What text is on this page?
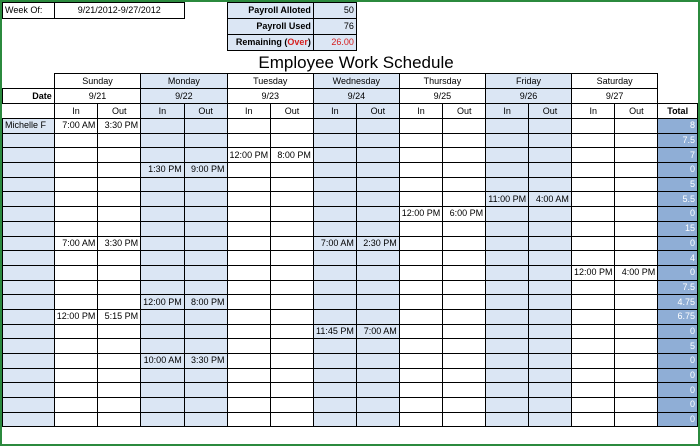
Week Of:	9/21/2012-9/27/2012				Payroll Alloted		50								
					Payroll Used		76								
					Remaining (Over)		26.00								
	Employee Work Schedule														
	Sunday		Monday		Tuesday		Wednesday		Thursday		Friday		Saturday		
Date	9/21		9/22		9/23		9/24		9/25		9/26		9/27		
	In	Out	In	Out	In	Out	In	Out	In	Out	In	Out	In	Out	Total
Michelle F	7:00 AM	3:30 PM													8
															7.5
					12:00 PM	8:00 PM									7
			1:30 PM	9:00 PM											0
															5
											11:00 PM	4:00 AM			5.5
									12:00 PM	6:00 PM					0
															15
	7:00 AM	3:30 PM					7:00 AM	2:30 PM							0
															4
													12:00 PM	4:00 PM	0
															7.5
			12:00 PM	8:00 PM											4.75
	12:00 PM	5:15 PM													6.75
							11:45 PM	7:00 AM							0
															5
			10:00 AM	3:30 PM											0
															0
															0
															0
															0
